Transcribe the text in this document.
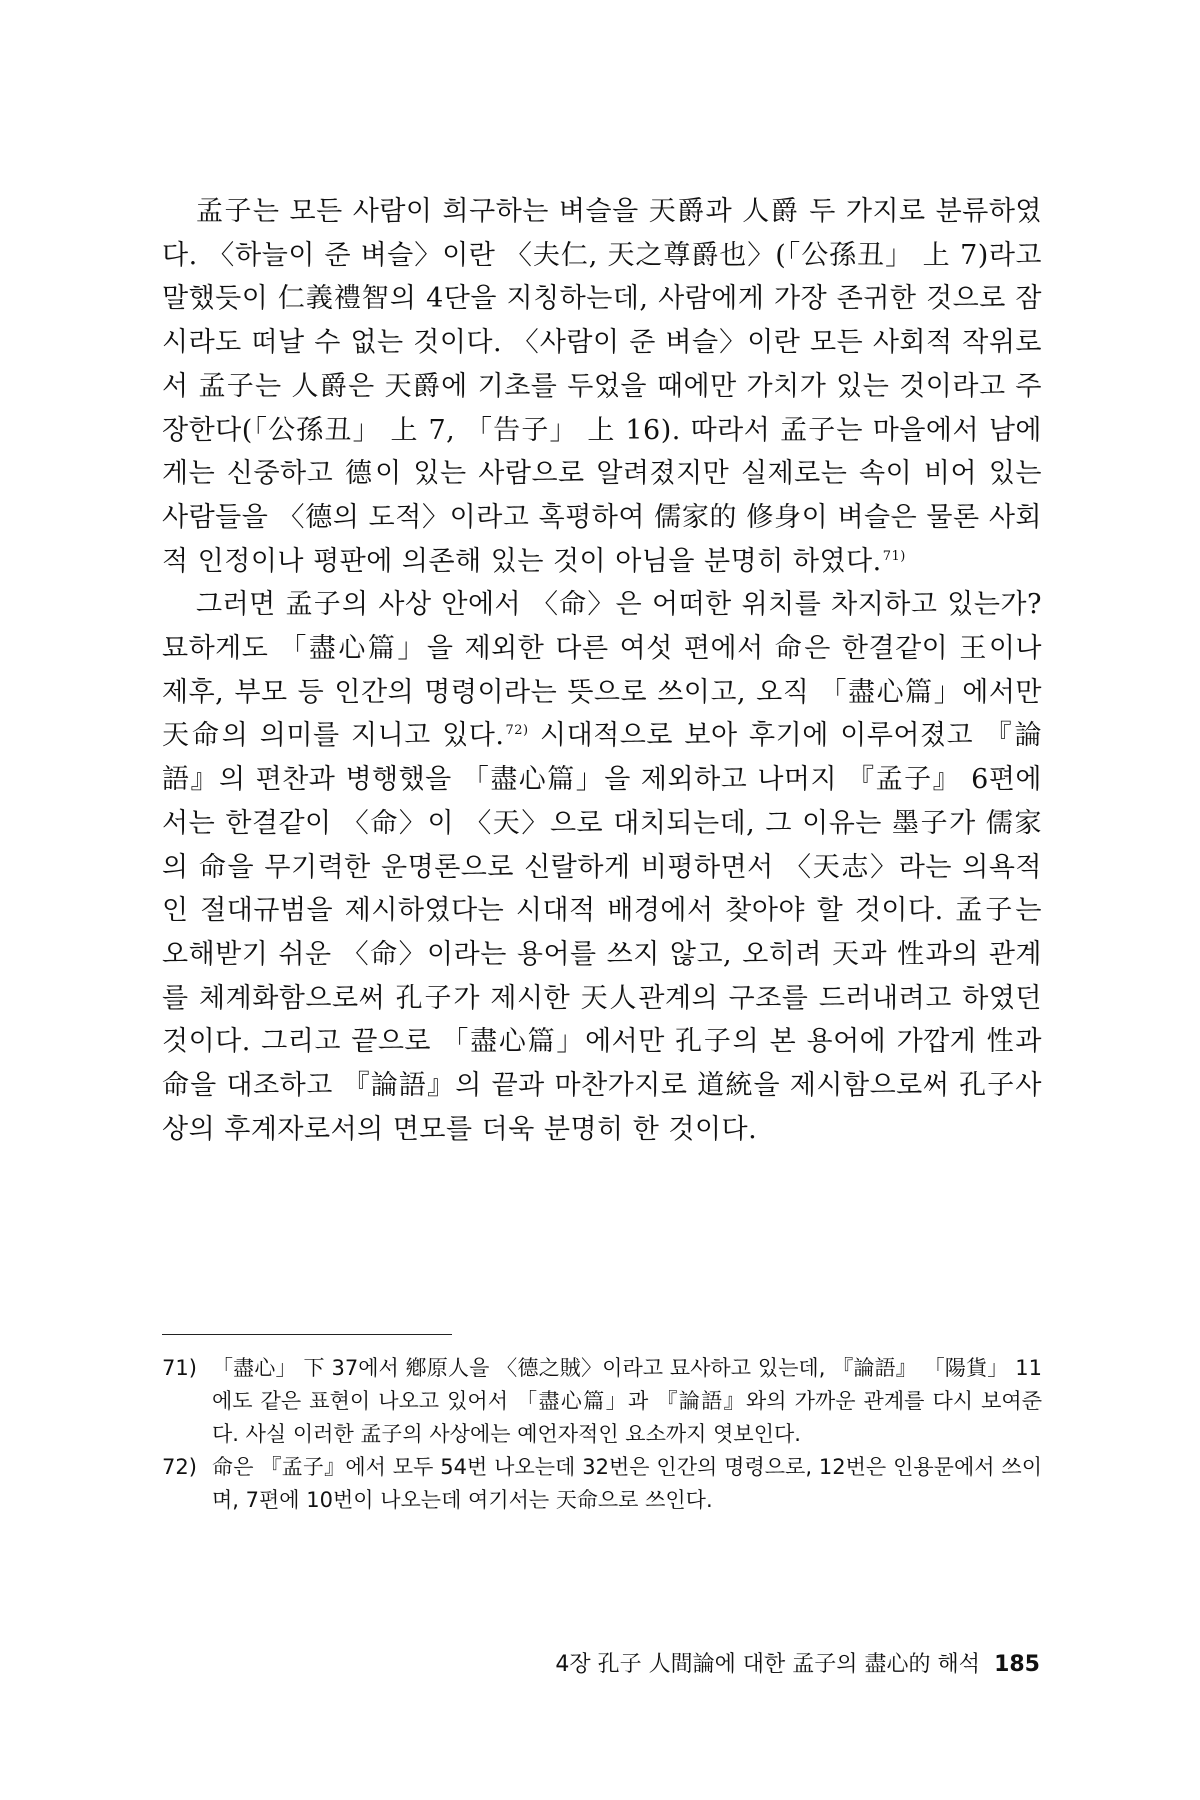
孟子는 모든 사람이 희구하는 벼슬을 天爵과 人爵 두 가지로 분류하였다. 〈하늘이 준 벼슬〉이란 〈夫仁, 天之尊爵也〉(「公孫丑」 上 7)라고 말했듯이 仁義禮智의 4단을 지칭하는데, 사람에게 가장 존귀한 것으로 잠시라도 떠날 수 없는 것이다. 〈사람이 준 벼슬〉이란 모든 사회적 작위로서 孟子는 人爵은 天爵에 기초를 두었을 때에만 가치가 있는 것이라고 주장한다(「公孫丑」 上 7, 「告子」 上 16). 따라서 孟子는 마을에서 남에게는 신중하고 德이 있는 사람으로 알려졌지만 실제로는 속이 비어 있는 사람들을 〈德의 도적〉이라고 혹평하여 儒家的 修身이 벼슬은 물론 사회적 인정이나 평판에 의존해 있는 것이 아님을 분명히 하였다.$^{71)}$

그러면 孟子의 사상 안에서 〈命〉은 어떠한 위치를 차지하고 있는가? 묘하게도 「盡心篇」을 제외한 다른 여섯 편에서 命은 한결같이 王이나 제후, 부모 등 인간의 명령이라는 뜻으로 쓰이고, 오직 「盡心篇」에서만 天命의 의미를 지니고 있다.$^{72)}$ 시대적으로 보아 후기에 이루어졌고 『論語』의 편찬과 병행했을 「盡心篇」을 제외하고 나머지 『孟子』 6편에서는 한결같이 〈命〉이 〈天〉으로 대치되는데, 그 이유는 墨子가 儒家의 命을 무기력한 운명론으로 신랄하게 비평하면서 〈天志〉라는 의욕적인 절대규범을 제시하였다는 시대적 배경에서 찾아야 할 것이다. 孟子는 오해받기 쉬운 〈命〉이라는 용어를 쓰지 않고, 오히려 天과 性과의 관계를 체계화함으로써 孔子가 제시한 天人관계의 구조를 드러내려고 하였던 것이다. 그리고 끝으로 「盡心篇」에서만 孔子의 본 용어에 가깝게 性과 命을 대조하고 『論語』의 끝과 마찬가지로 道統을 제시함으로써 孔子사상의 후계자로서의 면모를 더욱 분명히 한 것이다.

71) 「盡心」 下 37에서 鄕原人을 〈德之賊〉이라고 묘사하고 있는데, 『論語』 「陽貨」 11에도 같은 표현이 나오고 있어서 「盡心篇」과 『論語』와의 가까운 관계를 다시 보여준다. 사실 이러한 孟子의 사상에는 예언자적인 요소까지 엿보인다.
72) 命은 『孟子』에서 모두 54번 나오는데 32번은 인간의 명령으로, 12번은 인용문에서 쓰이며, 7편에 10번이 나오는데 여기서는 天命으로 쓰인다.
4장 孔子 人間論에 대한 孟子의 盡心的 해석 185
